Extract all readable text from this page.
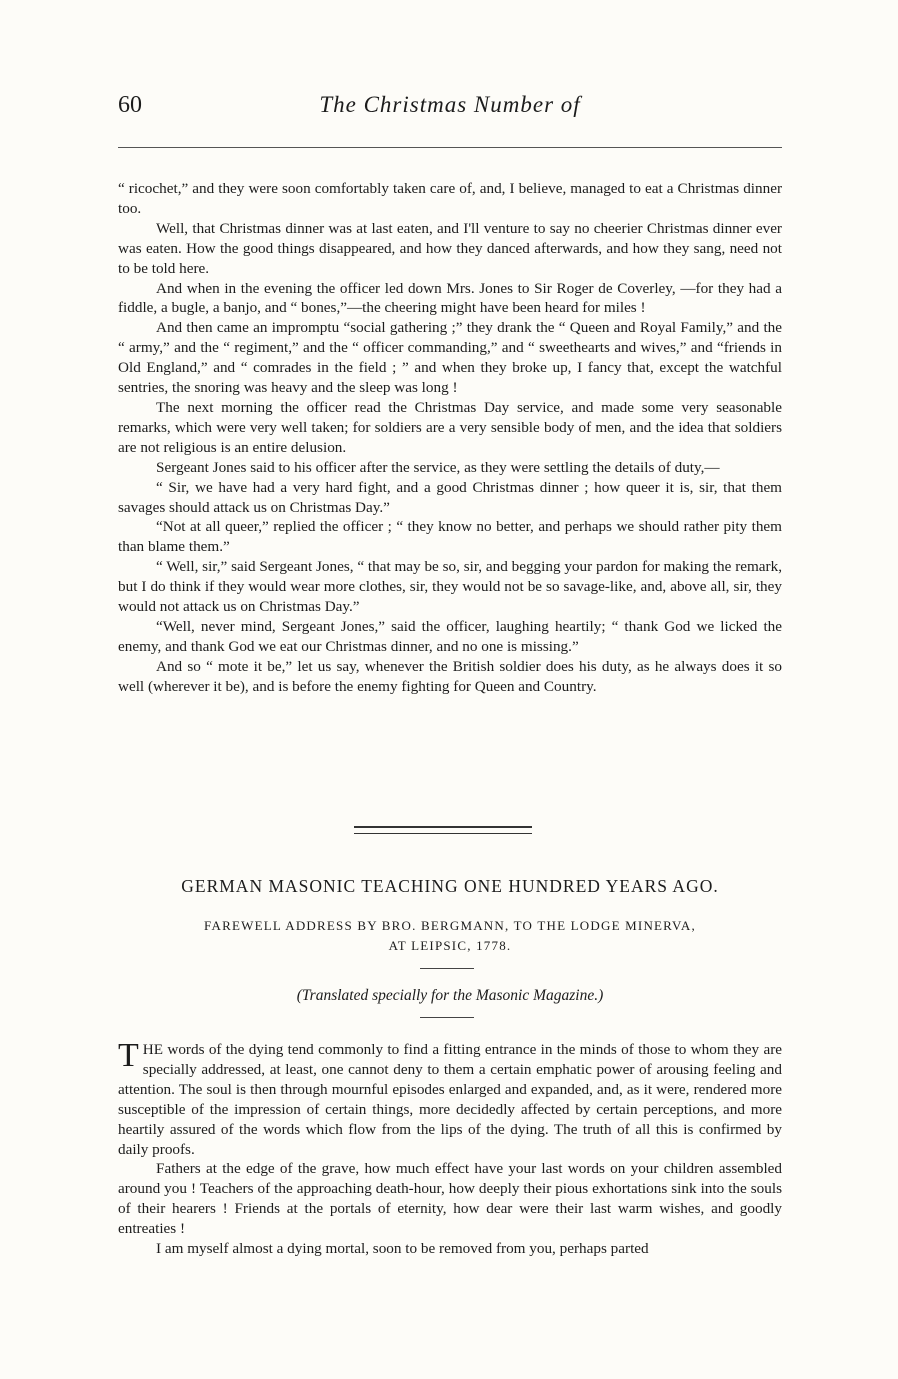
60	The Christmas Number of

“ ricochet,” and they were soon comfortably taken care of, and, I believe, managed to eat a Christmas dinner too.

Well, that Christmas dinner was at last eaten, and I'll venture to say no cheerier Christmas dinner ever was eaten. How the good things disappeared, and how they danced afterwards, and how they sang, need not to be told here.

And when in the evening the officer led down Mrs. Jones to Sir Roger de Coverley, —for they had a fiddle, a bugle, a banjo, and “ bones,”—the cheering might have been heard for miles !

And then came an impromptu “social gathering ;” they drank the “ Queen and Royal Family,” and the “ army,” and the “ regiment,” and the “ officer commanding,” and “ sweethearts and wives,” and “friends in Old England,” and “ comrades in the field ; ” and when they broke up, I fancy that, except the watchful sentries, the snoring was heavy and the sleep was long !

The next morning the officer read the Christmas Day service, and made some very seasonable remarks, which were very well taken; for soldiers are a very sensible body of men, and the idea that soldiers are not religious is an entire delusion.

Sergeant Jones said to his officer after the service, as they were settling the details of duty,—

“ Sir, we have had a very hard fight, and a good Christmas dinner ; how queer it is, sir, that them savages should attack us on Christmas Day.”

“Not at all queer,” replied the officer ; “ they know no better, and perhaps we should rather pity them than blame them.”

“ Well, sir,” said Sergeant Jones, “ that may be so, sir, and begging your pardon for making the remark, but I do think if they would wear more clothes, sir, they would not be so savage-like, and, above all, sir, they would not attack us on Christmas Day.”

“Well, never mind, Sergeant Jones,” said the officer, laughing heartily; “ thank God we licked the enemy, and thank God we eat our Christmas dinner, and no one is missing.”

And so “ mote it be,” let us say, whenever the British soldier does his duty, as he always does it so well (wherever it be), and is before the enemy fighting for Queen and Country.

GERMAN MASONIC TEACHING ONE HUNDRED YEARS AGO.
FAREWELL ADDRESS BY BRO. BERGMANN, TO THE LODGE MINERVA,
AT LEIPSIC, 1778.
(Translated specially for the Masonic Magazine.)

THE words of the dying tend commonly to find a fitting entrance in the minds of those to whom they are specially addressed, at least, one cannot deny to them a certain emphatic power of arousing feeling and attention. The soul is then through mournful episodes enlarged and expanded, and, as it were, rendered more susceptible of the impression of certain things, more decidedly affected by certain perceptions, and more heartily assured of the words which flow from the lips of the dying. The truth of all this is confirmed by daily proofs.

Fathers at the edge of the grave, how much effect have your last words on your children assembled around you ! Teachers of the approaching death-hour, how deeply their pious exhortations sink into the souls of their hearers ! Friends at the portals of eternity, how dear were their last warm wishes, and goodly entreaties !

I am myself almost a dying mortal, soon to be removed from you, perhaps parted
